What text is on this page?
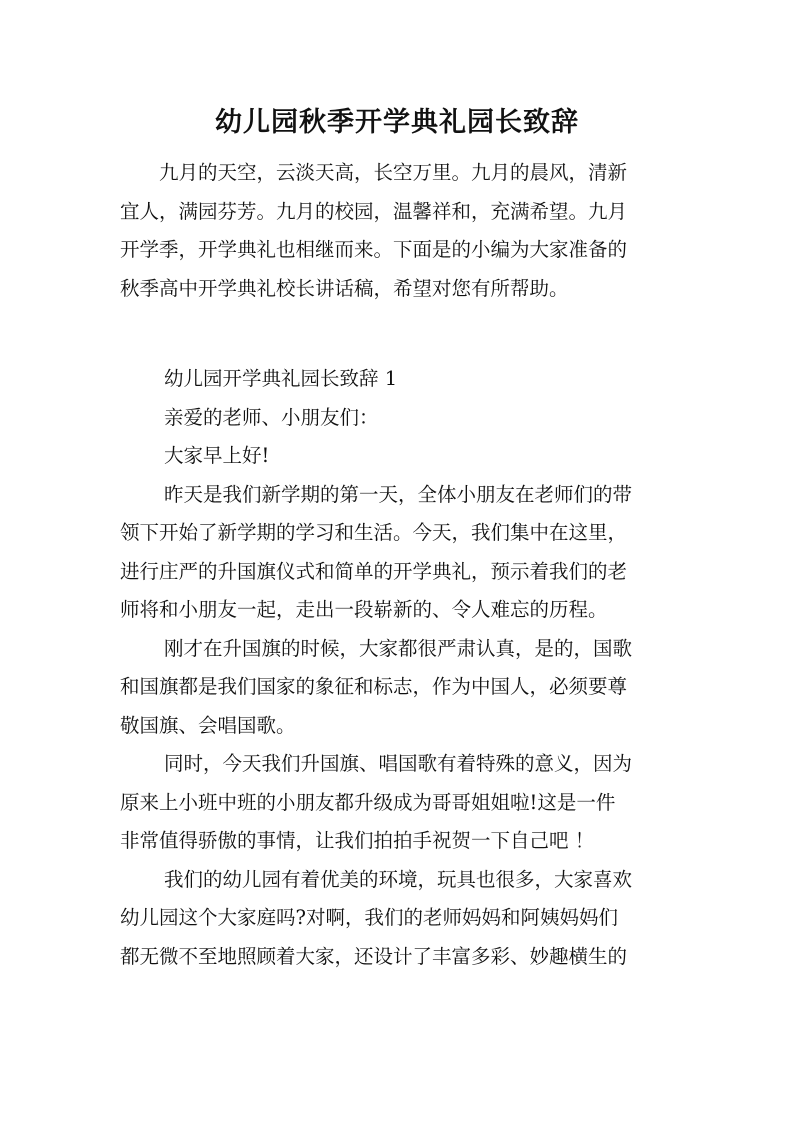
幼儿园秋季开学典礼园长致辞
九月的天空，云淡天高，长空万里。九月的晨风，清新
宜人，满园芬芳。九月的校园，温馨祥和，充满希望。九月
开学季，开学典礼也相继而来。下面是的小编为大家准备的
秋季高中开学典礼校长讲话稿，希望对您有所帮助。
幼儿园开学典礼园长致辞 1
亲爱的老师、小朋友们：
大家早上好!
昨天是我们新学期的第一天，全体小朋友在老师们的带
领下开始了新学期的学习和生活。今天，我们集中在这里，
进行庄严的升国旗仪式和简单的开学典礼，预示着我们的老
师将和小朋友一起，走出一段崭新的、令人难忘的历程。
刚才在升国旗的时候，大家都很严肃认真，是的，国歌
和国旗都是我们国家的象征和标志，作为中国人，必须要尊
敬国旗、会唱国歌。
同时，今天我们升国旗、唱国歌有着特殊的意义，因为
原来上小班中班的小朋友都升级成为哥哥姐姐啦!这是一件
非常值得骄傲的事情，让我们拍拍手祝贺一下自己吧 ！
我们的幼儿园有着优美的环境，玩具也很多，大家喜欢
幼儿园这个大家庭吗?对啊，我们的老师妈妈和阿姨妈妈们
都无微不至地照顾着大家，还设计了丰富多彩、妙趣横生的
